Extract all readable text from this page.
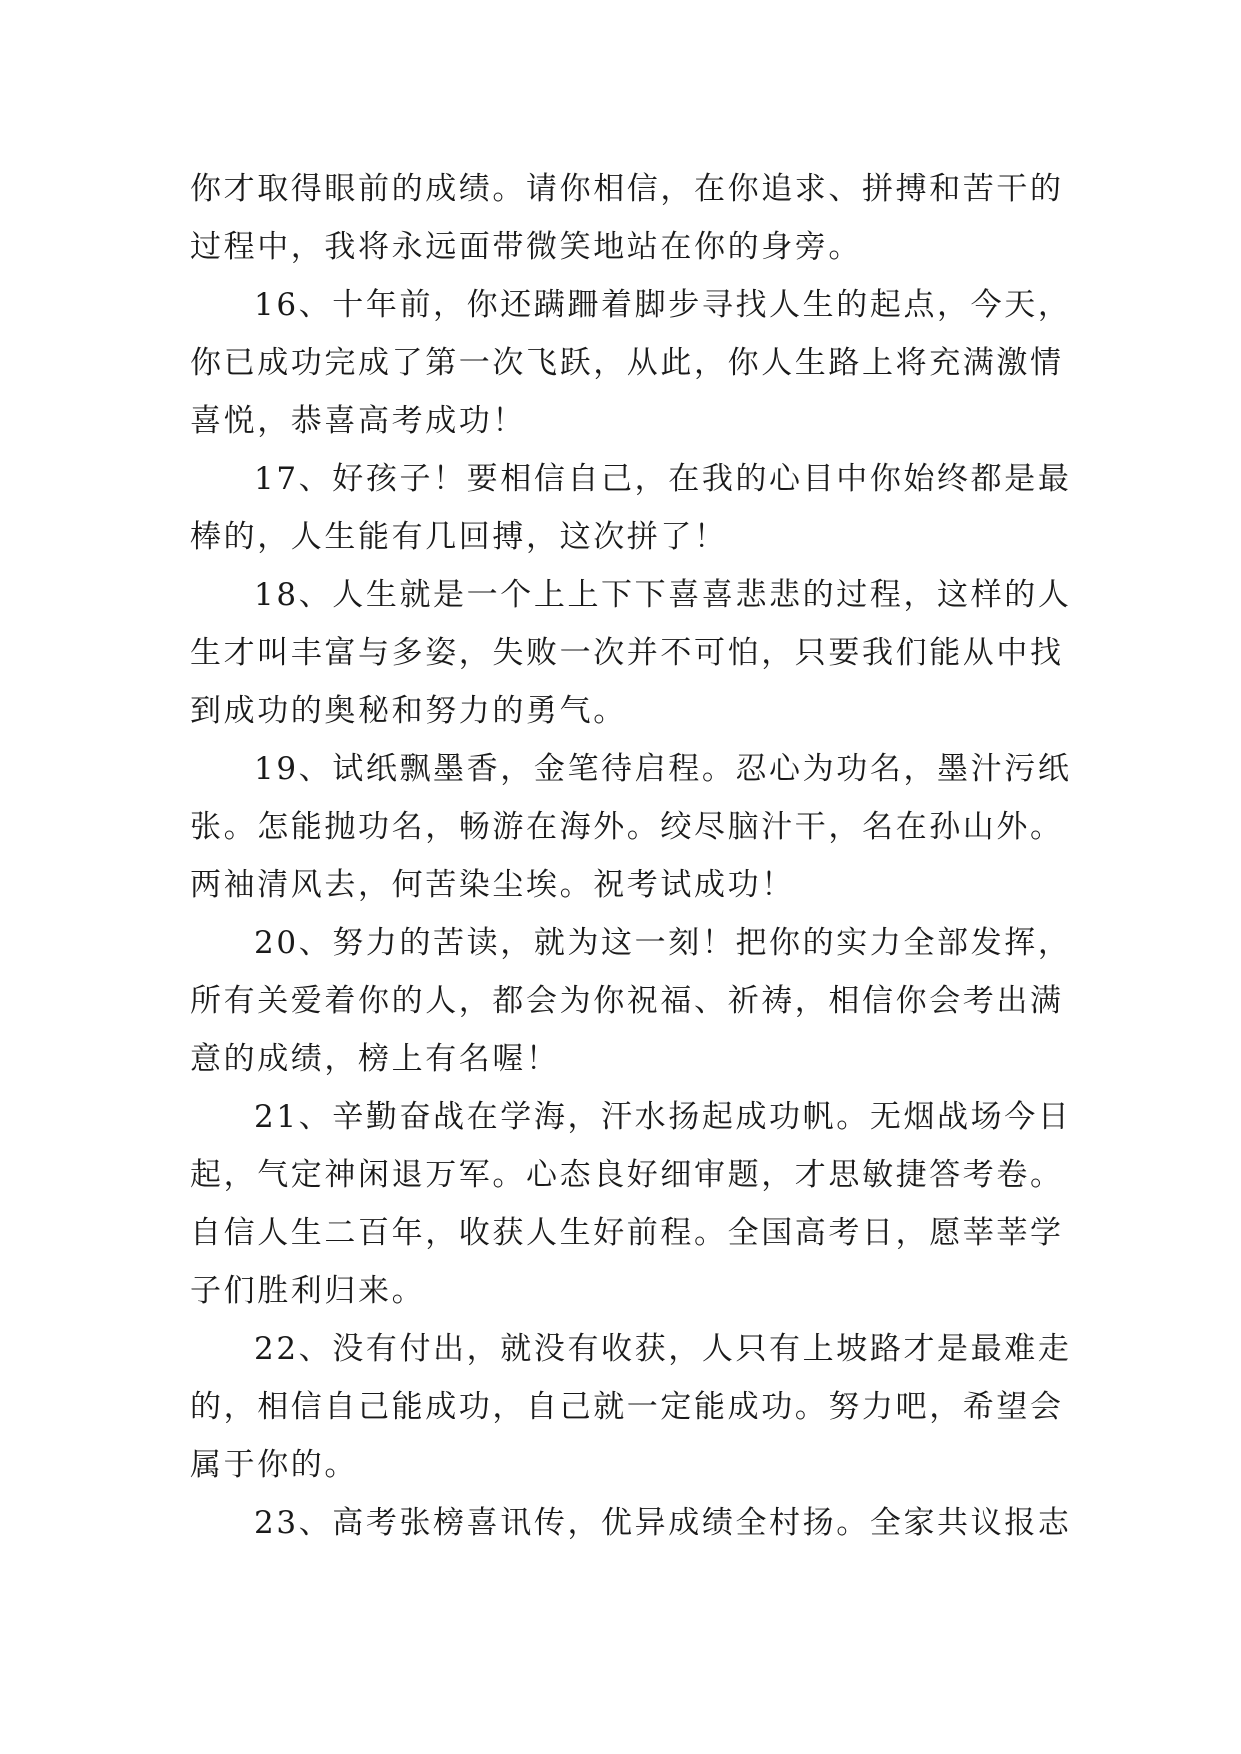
你才取得眼前的成绩。请你相信，在你追求、拼搏和苦干的
过程中，我将永远面带微笑地站在你的身旁。

16、十年前，你还蹒跚着脚步寻找人生的起点，今天，
你已成功完成了第一次飞跃，从此，你人生路上将充满激情
喜悦，恭喜高考成功！

17、好孩子！要相信自己，在我的心目中你始终都是最
棒的，人生能有几回搏，这次拼了！

18、人生就是一个上上下下喜喜悲悲的过程，这样的人
生才叫丰富与多姿，失败一次并不可怕，只要我们能从中找
到成功的奥秘和努力的勇气。

19、试纸飘墨香，金笔待启程。忍心为功名，墨汁污纸
张。怎能抛功名，畅游在海外。绞尽脑汁干，名在孙山外。
两袖清风去，何苦染尘埃。祝考试成功！

20、努力的苦读，就为这一刻！把你的实力全部发挥，
所有关爱着你的人，都会为你祝福、祈祷，相信你会考出满
意的成绩，榜上有名喔！

21、辛勤奋战在学海，汗水扬起成功帆。无烟战场今日
起，气定神闲退万军。心态良好细审题，才思敏捷答考卷。
自信人生二百年，收获人生好前程。全国高考日，愿莘莘学
子们胜利归来。

22、没有付出，就没有收获，人只有上坡路才是最难走
的，相信自己能成功，自己就一定能成功。努力吧，希望会
属于你的。

23、高考张榜喜讯传，优异成绩全村扬。全家共议报志
